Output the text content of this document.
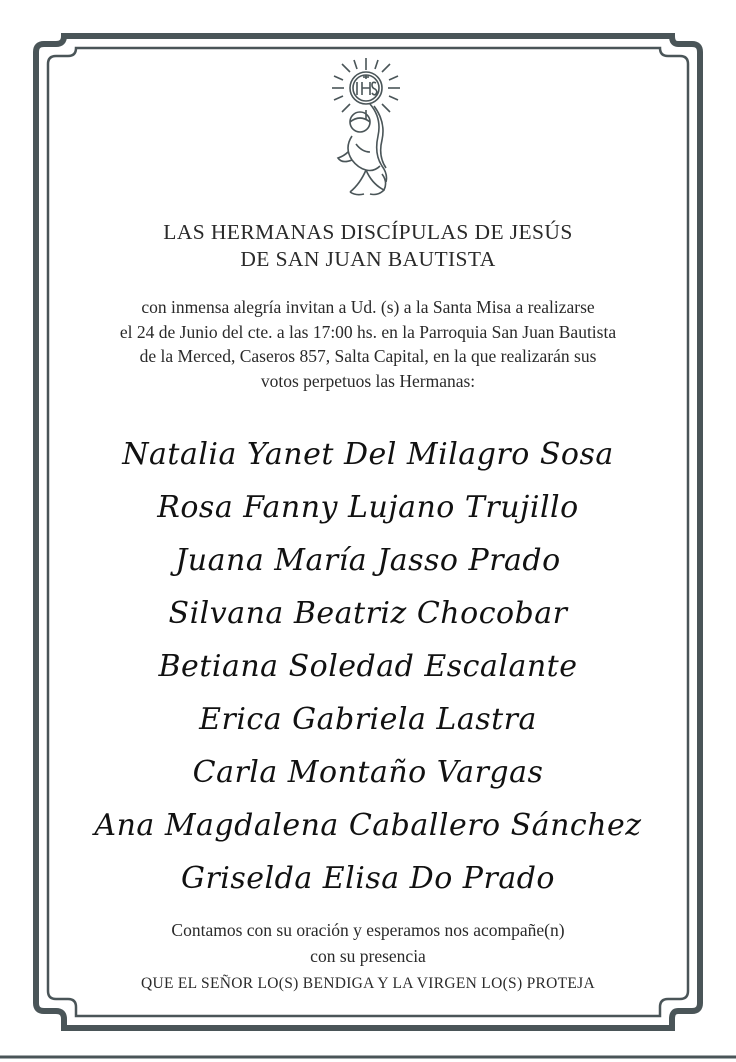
LAS HERMANAS DISCÍPULAS DE JESÚS
DE SAN JUAN BAUTISTA
con inmensa alegría invitan a Ud. (s) a la Santa Misa a realizarse
el 24 de Junio del cte. a las 17:00 hs. en la Parroquia San Juan Bautista
de la Merced, Caseros 857, Salta Capital, en la que realizarán sus
votos perpetuos las Hermanas:
Natalia Yanet Del Milagro Sosa
Rosa Fanny Lujano Trujillo
Juana María Jasso Prado
Silvana Beatriz Chocobar
Betiana Soledad Escalante
Erica Gabriela Lastra
Carla Montaño Vargas
Ana Magdalena Caballero Sánchez
Griselda Elisa Do Prado
Contamos con su oración y esperamos nos acompañe(n)
con su presencia
QUE EL SEÑOR LO(S) BENDIGA Y LA VIRGEN LO(S) PROTEJA
